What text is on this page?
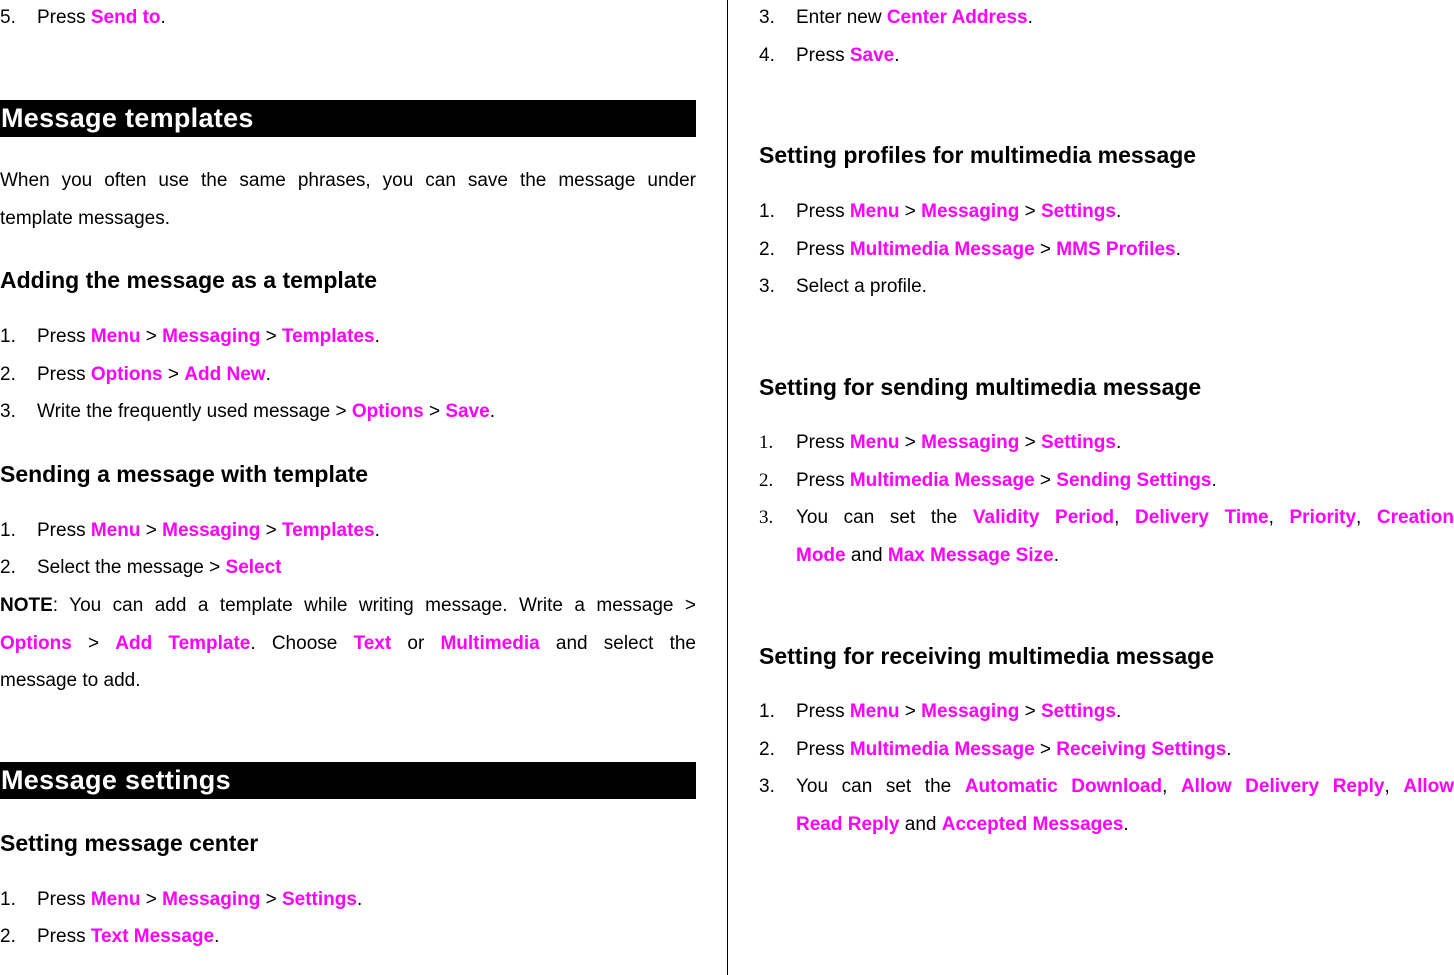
5. Press Send to.
Message templates
When you often use the same phrases, you can save the message under
template messages.
Adding the message as a template
1. Press Menu > Messaging > Templates.
2. Press Options > Add New.
3. Write the frequently used message > Options > Save.
Sending a message with template
1. Press Menu > Messaging > Templates.
2. Select the message > Select
NOTE: You can add a template while writing message. Write a message >
Options > Add Template. Choose Text or Multimedia and select the
message to add.
Message settings
Setting message center
1. Press Menu > Messaging > Settings.
2. Press Text Message.
3. Enter new Center Address.
4. Press Save.
Setting profiles for multimedia message
1. Press Menu > Messaging > Settings.
2. Press Multimedia Message > MMS Profiles.
3. Select a profile.
Setting for sending multimedia message
1. Press Menu > Messaging > Settings.
2. Press Multimedia Message > Sending Settings.
3. You can set the Validity Period, Delivery Time, Priority, Creation
Mode and Max Message Size.
Setting for receiving multimedia message
1. Press Menu > Messaging > Settings.
2. Press Multimedia Message > Receiving Settings.
3. You can set the Automatic Download, Allow Delivery Reply, Allow
Read Reply and Accepted Messages.
